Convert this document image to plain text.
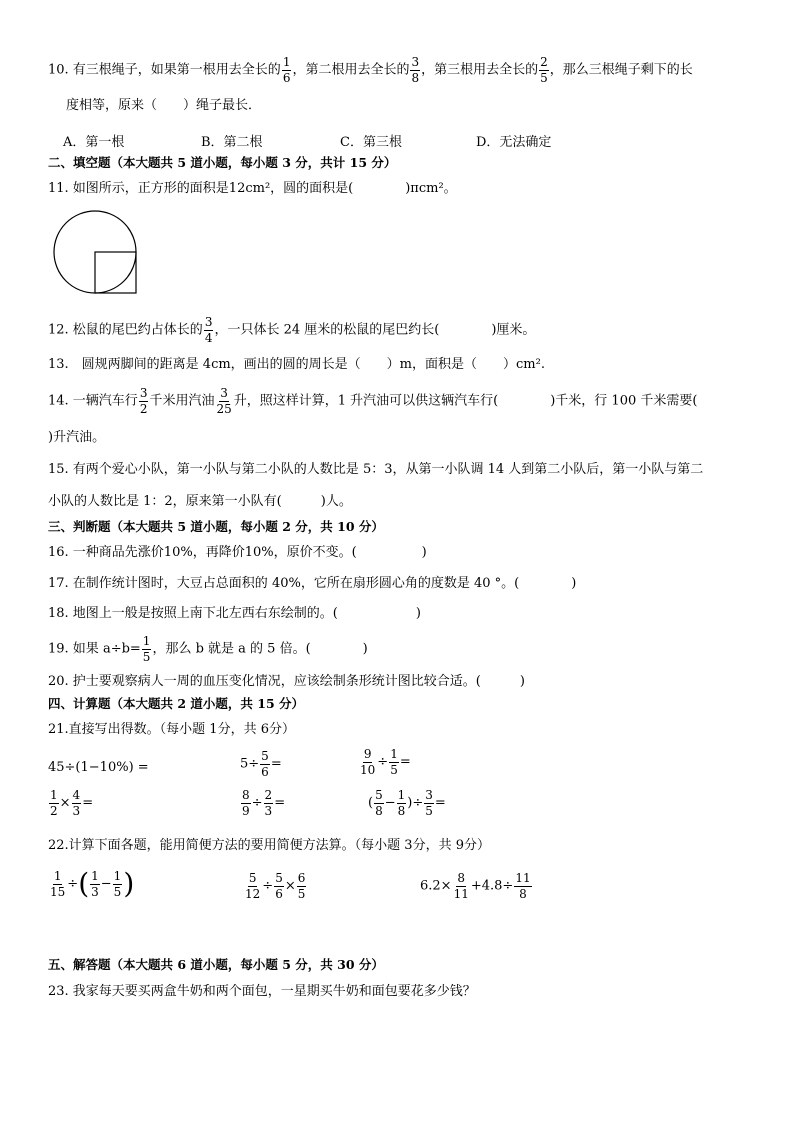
10. 有三根绳子，如果第一根用去全长的 $\frac{1}{6}$ ，第二根用去全长的 $\frac{3}{8}$ ，第三根用去全长的 $\frac{2}{5}$ ，那么三根绳子剩下的长
度相等，原来（　　）绳子最长．
A．第一根	B．第二根	C．第三根	D．无法确定
二、填空题（本大题共 5 道小题，每小题 3 分，共计 15 分）
11. 如图所示，正方形的面积是12cm²，圆的面积是(　　　　)πcm²。
12. 松鼠的尾巴约占体长的 $\frac{3}{4}$ ，一只体长 24 厘米的松鼠的尾巴约长(　　　　)厘米。
13.　圆规两脚间的距离是 4cm，画出的圆的周长是（　　）m，面积是（　　）cm².
14. 一辆汽车行 $\frac{3}{2}$ 千米用汽油 $\frac{3}{25}$ 升，照这样计算，1 升汽油可以供这辆汽车行(　　　　)千米，行 100 千米需要(
)升汽油。
15. 有两个爱心小队，第一小队与第二小队的人数比是 5：3，从第一小队调 14 人到第二小队后，第一小队与第二
小队的人数比是 1：2，原来第一小队有(　　　)人。
三、判断题（本大题共 5 道小题，每小题 2 分，共 10 分）
16. 一种商品先涨价10%，再降价10%，原价不变。(　　　　　)
17. 在制作统计图时，大豆占总面积的 40%，它所在扇形圆心角的度数是 40 °。(　　　　)
18. 地图上一般是按照上南下北左西右东绘制的。(　　　　　　)
19. 如果 $a\div b= \frac{1}{5}$ ，那么 b 就是 a 的 5 倍。(　　　　)
20. 护士要观察病人一周的血压变化情况，应该绘制条形统计图比较合适。(　　　)
四、计算题（本大题共 2 道小题，共 15 分）
21.直接写出得数。（每小题 1分，共 6分）
45÷(1−10%) =	$5\div \frac{5}{6}$ =	$\frac{9}{10} \div \frac{1}{5}$ =
$\frac{1}{2} \times \frac{4}{3}$ =	$\frac{8}{9} \div \frac{2}{3}$ =	( $\frac{5}{8} - \frac{1}{8}$ )÷ $\frac{3}{5}$ =
22.计算下面各题，能用简便方法的要用简便方法算。（每小题 3分，共 9分）
$\frac{1}{15}$ ÷( $\frac{1}{3} - \frac{1}{5}$ )	$\frac{5}{12} \div \frac{5}{6} \times \frac{6}{5}$	$6.2\times \frac{8}{11} +4.8\div \frac{11}{8}$
五、解答题（本大题共 6 道小题，每小题 5 分，共 30 分）
23. 我家每天要买两盒牛奶和两个面包，一星期买牛奶和面包要花多少钱？
